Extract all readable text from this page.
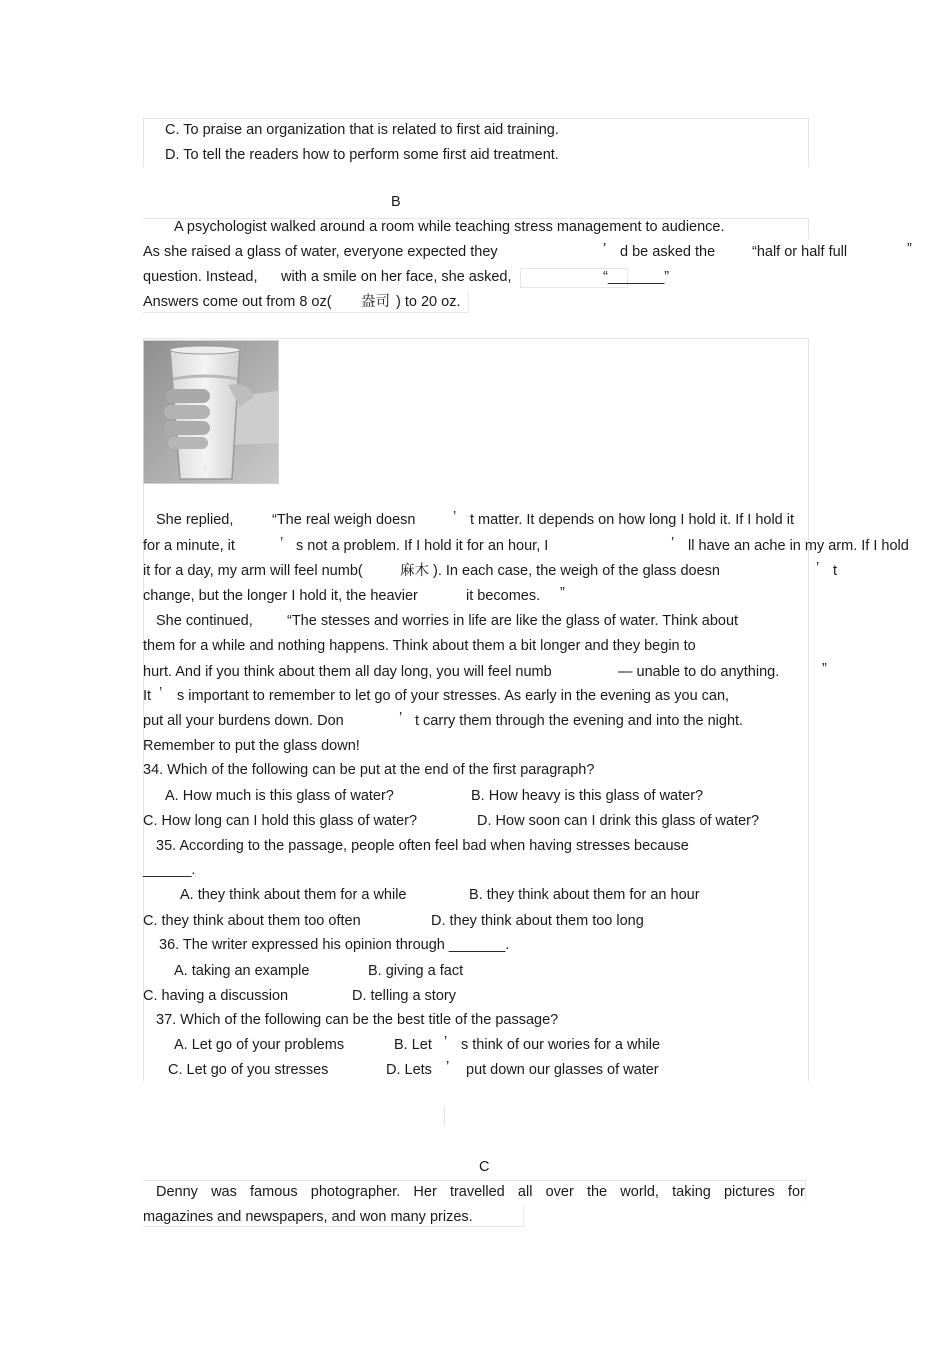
C. To praise an organization that is related to first aid training.
D. To tell the readers how to perform some first aid treatment.
B
A psychologist walked around a room while teaching stress management to audience.
As she raised a glass of water, everyone expected they	’ d be asked the	“half or half full	”
question. Instead, with a smile on her face, she asked,	“_______”
Answers come out from 8 oz( 盎司 ) to 20 oz.
She replied,	“The real weigh doesn	’ t matter. It depends on how long I hold it. If I hold it
for a minute, it	’ s not a problem. If I hold it for an hour, I	’ ll have an ache in my arm. If I hold
it for a day, my arm will feel numb(	麻木 ). In each case, the weigh of the glass doesn	’ t
change, but the longer I hold it, the heavier	it becomes. ”
She continued, “The stesses and worries in life are like the glass of water. Think about
them for a while and nothing happens. Think about them a bit longer and they begin to
hurt. And if you think about them all day long, you will feel numb	— unable to do anything.	”
It ’ s important to remember to let go of your stresses. As early in the evening as you can,
put all your burdens down. Don	’ t carry them through the evening and into the night.
Remember to put the glass down!
34. Which of the following can be put at the end of the first paragraph?
A. How much is this glass of water?	B. How heavy is this glass of water?
C. How long can I hold this glass of water?	D. How soon can I drink this glass of water?
35. According to the passage, people often feel bad when having stresses because
______.
A. they think about them for a while	B. they think about them for an hour
C. they think about them too often	D. they think about them too long
36. The writer expressed his opinion through _______.
A. taking an example	B. giving a fact
C. having a discussion	D. telling a story
37. Which of the following can be the best title of the passage?
A. Let go of your problems	B. Let ’ s think of our wories for a while
C. Let go of you stresses	D. Lets ’ put down our glasses of water
C
Denny was famous photographer. Her travelled all over the world, taking pictures for
magazines and newspapers, and won many prizes.
